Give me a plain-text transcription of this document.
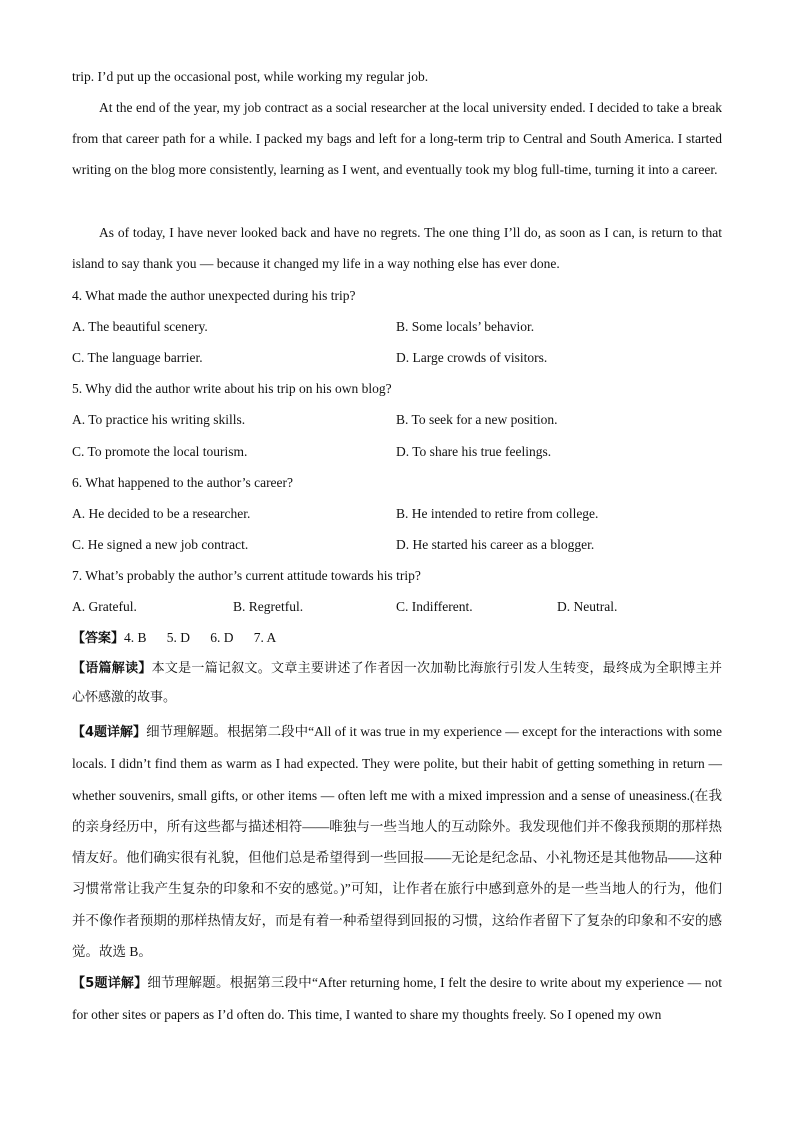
trip. I’d put up the occasional post, while working my regular job.
At the end of the year, my job contract as a social researcher at the local university ended. I decided to take a break from that career path for a while. I packed my bags and left for a long-term trip to Central and South America. I started writing on the blog more consistently, learning as I went, and eventually took my blog full-time, turning it into a career.
As of today, I have never looked back and have no regrets. The one thing I’ll do, as soon as I can, is return to that island to say thank you — because it changed my life in a way nothing else has ever done.
4. What made the author unexpected during his trip?
A. The beautiful scenery.	B. Some locals’ behavior.
C. The language barrier.	D. Large crowds of visitors.
5. Why did the author write about his trip on his own blog?
A. To practice his writing skills.	B. To seek for a new position.
C. To promote the local tourism.	D. To share his true feelings.
6. What happened to the author’s career?
A. He decided to be a researcher.	B. He intended to retire from college.
C. He signed a new job contract.	D. He started his career as a blogger.
7. What’s probably the author’s current attitude towards his trip?
A. Grateful.	B. Regretful.	C. Indifferent.	D. Neutral.
【答案】4. B      5. D      6. D      7. A
【语篇解读】本文是一篇记叙文。文章主要讲述了作者因一次加勒比海旅行引发人生转变，最终成为全职博主并心怀感激的故事。
【4题详解】细节理解题。根据第二段中“All of it was true in my experience — except for the interactions with some locals. I didn’t find them as warm as I had expected. They were polite, but their habit of getting something in return — whether souvenirs, small gifts, or other items — often left me with a mixed impression and a sense of uneasiness.(在我的亲身经历中，所有这些都与描述相符——唯独与一些当地人的互动除外。我发现他们并不像我预期的那样热情友好。他们确实很有礼貌，但他们总是希望得到一些回报——无论是纪念品、小礼物还是其他物品——这种习惯常常让我产生复杂的印象和不安的感觉。)”可知，让作者在旅行中感到意外的是一些当地人的行为，他们并不像作者预期的那样热情友好，而是有着一种希望得到回报的习惯，这给作者留下了复杂的印象和不安的感觉。故选 B。
【5题详解】细节理解题。根据第三段中“After returning home, I felt the desire to write about my experience — not for other sites or papers as I’d often do. This time, I wanted to share my thoughts freely. So I opened my own
